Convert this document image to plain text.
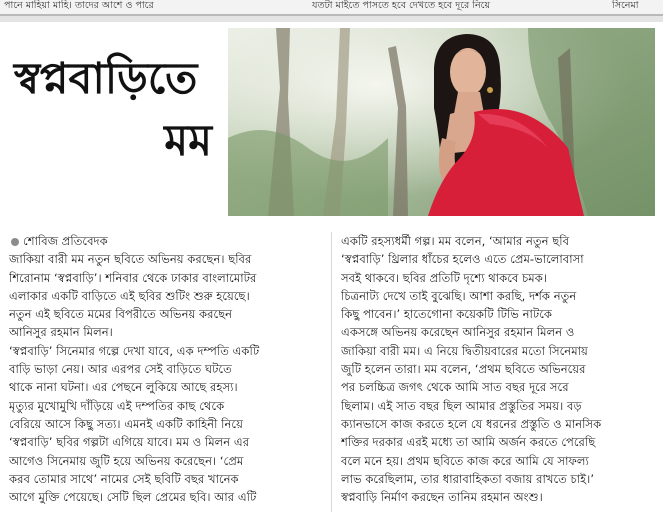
পানে মাহিয়া মাহি। তাদের আশে ও পারে	যতটা মাইতে পাসতে হবে দেখতে হবে দূরে নিয়ে	সিনেমা
স্বপ্নবাড়িতে
মম
শোবিজ প্রতিবেদক
জাকিয়া বারী মম নতুন ছবিতে অভিনয় করছেন। ছবির
শিরোনাম ‘স্বপ্নবাড়ি’। শনিবার থেকে ঢাকার বাংলামোটর
এলাকার একটি বাড়িতে এই ছবির শুটিং শুরু হয়েছে।
নতুন এই ছবিতে মমের বিপরীতে অভিনয় করছেন
আনিসুর রহমান মিলন।
‘স্বপ্নবাড়ি’ সিনেমার গল্পে দেখা যাবে, এক দম্পতি একটি
বাড়ি ভাড়া নেয়। আর এরপর সেই বাড়িতে ঘটতে
থাকে নানা ঘটনা। এর পেছনে লুকিয়ে আছে রহস্য।
মৃত্যুর মুখোমুখি দাঁড়িয়ে এই দম্পতির কাছ থেকে
বেরিয়ে আসে কিছু সত্য। এমনই একটি কাহিনী নিয়ে
‘স্বপ্নবাড়ি’ ছবির গল্পটা এগিয়ে যাবে। মম ও মিলন এর
আগেও সিনেমায় জুটি হয়ে অভিনয় করেছেন। ‘প্রেম
করব তোমার সাথে’ নামের সেই ছবিটি বছর খানেক
আগে মুক্তি পেয়েছে। সেটি ছিল প্রেমের ছবি। আর এটি
একটি রহস্যধর্মী গল্প। মম বলেন, ‘আমার নতুন ছবি
‘স্বপ্নবাড়ি’ থ্রিলার ধাঁচের হলেও এতে প্রেম-ভালোবাসা
সবই থাকবে। ছবির প্রতিটি দৃশ্যে থাকবে চমক।
চিত্রনাট্য দেখে তাই বুঝেছি। আশা করছি, দর্শক নতুন
কিছু পাবেন।’ হাতেগোনা কয়েকটি টিভি নাটকে
একসঙ্গে অভিনয় করেছেন আনিসুর রহমান মিলন ও
জাকিয়া বারী মম। এ নিয়ে দ্বিতীয়বারের মতো সিনেমায়
জুটি হলেন তারা। মম বলেন, ‘প্রথম ছবিতে অভিনয়ের
পর চলচ্চিত্র জগৎ থেকে আমি সাত বছর দূরে সরে
ছিলাম। এই সাত বছর ছিল আমার প্রস্তুতির সময়। বড়
ক্যানভাসে কাজ করতে হলে যে ধরনের প্রস্তুতি ও মানসিক
শক্তির দরকার এরই মধ্যে তা আমি অর্জন করতে পেরেছি
বলে মনে হয়। প্রথম ছবিতে কাজ করে আমি যে সাফল্য
লাভ করেছিলাম, তার ধারাবাহিকতা বজায় রাখতে চাই।’
স্বপ্নবাড়ি নির্মাণ করছেন তানিম রহমান অংশু।
